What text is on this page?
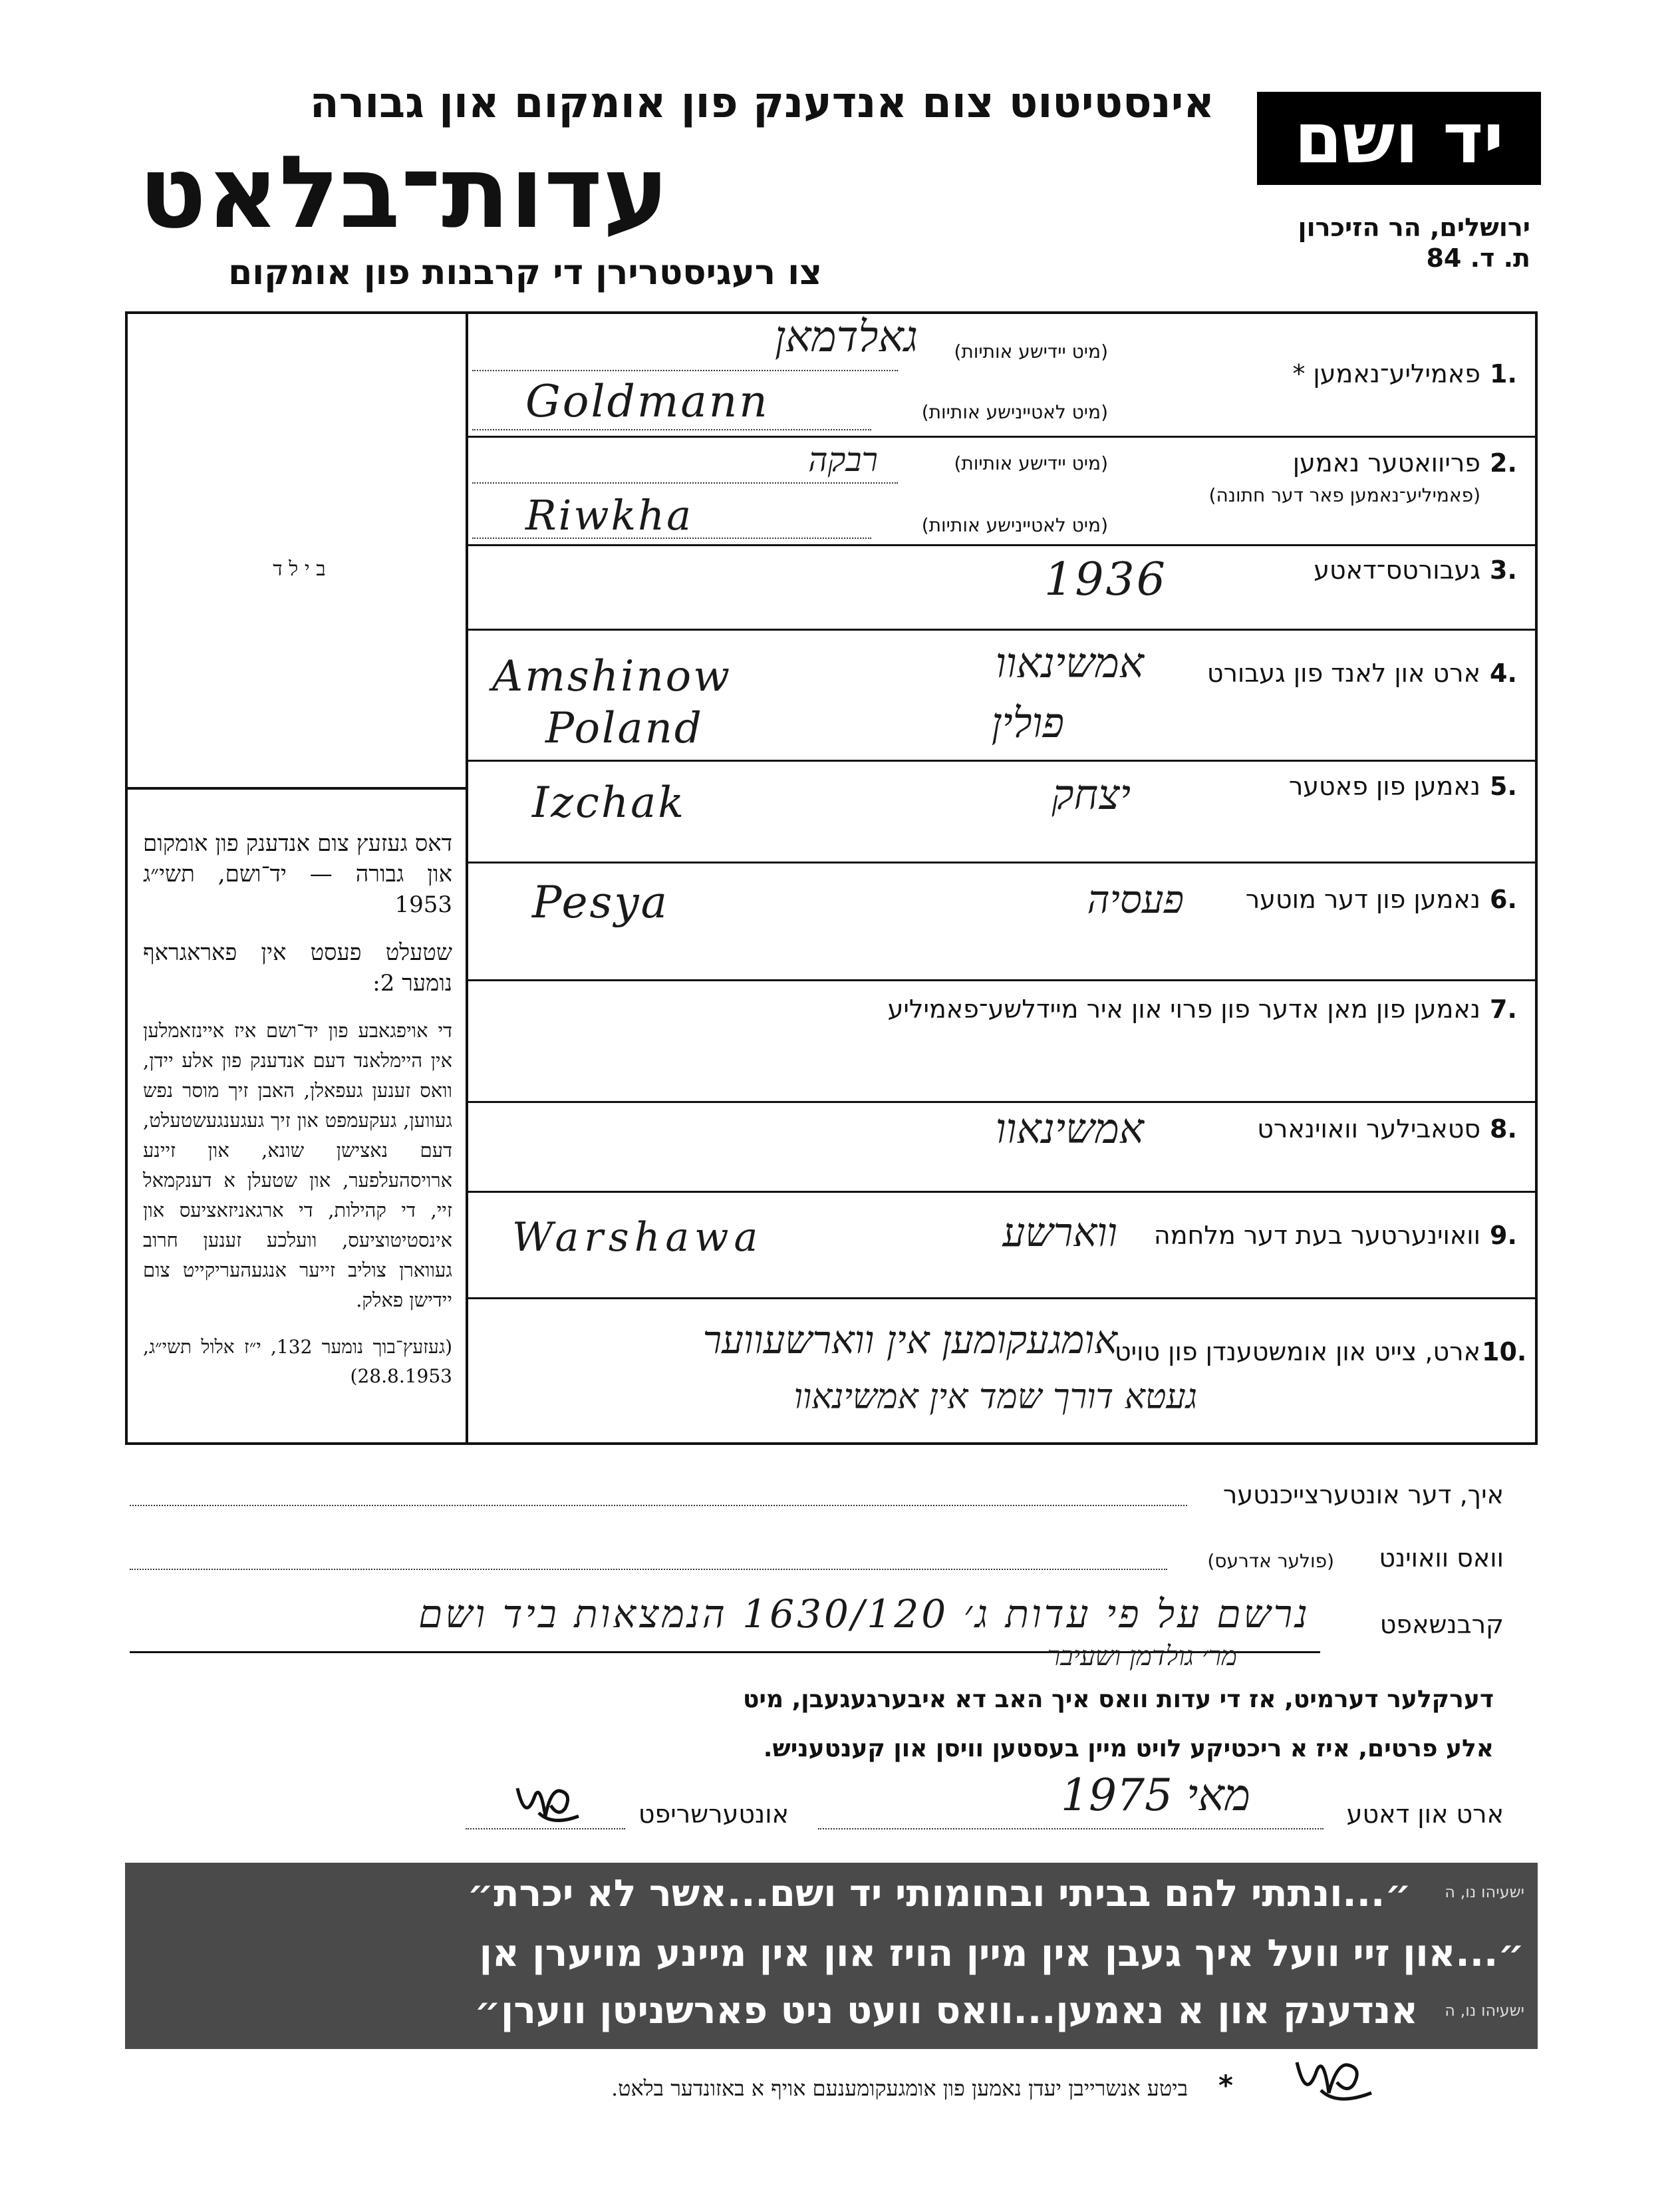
יד ושם
אינסטיטוט צום אנדענק פון אומקום און גבורה
עדות־בלאט	ירושלים, הר הזיכרון
ת. ד. 84
צו רעגיסטרירן די קרבנות פון אומקום
ב י ל ד
דאס געזעץ צום אנדענק פון אומקום און גבורה — יד־ושם, תשי״ג 1953
שטעלט פעסט אין פאראגראף נומער 2:
די אויפגאבע פון יד־ושם איז איינזאמלען אין היימלאנד דעם אנדענק פון אלע יידן, וואס זענען געפאלן, האבן זיך מוסר נפש געווען, געקעמפט און זיך געגענגעשטעלט, דעם נאצישן שונא, און זיינע ארויסהעלפער, און שטעלן א דענקמאל זיי, די קהילות, די ארגאניזאציעס און אינסטיטוציעס, וועלכע זענען חרוב געווארן צוליב זייער אנגעהעריקייט צום יידישן פאלק.
(געזעץ־בוך נומער 132, י״ז אלול תשי״ג, 28.8.1953)
1.
פאמיליע־נאמען *
(מיט יידישע אותיות)
(מיט לאטיינישע אותיות)
גאלדמאן
Goldmann
2.
פריוואטער נאמען
(פאמיליע־נאמען פאר דער חתונה)
(מיט יידישע אותיות)
(מיט לאטיינישע אותיות)
רבקה
Riwkha
3.
געבורטס־דאטע
1936
4.
ארט און לאנד פון געבורט
אמשינאוו
Amshinow
פולין
Poland
5.
נאמען פון פאטער
יצחק
Izchak
6.
נאמען פון דער מוטער
פעסיה
Pesya
7.
נאמען פון מאן אדער פון פרוי און איר מיידלשע־פאמיליע
8.
סטאבילער וואוינארט
אמשינאוו
9.
וואוינערטער בעת דער מלחמה
ווארשע
Warshawa
10.
ארט, צייט און אומשטענדן פון טויט
אומגעקומען אין ווארשעווער
געטא דורך שמד אין אמשינאוו
איך, דער אונטערצייכנטער
וואס וואוינט
(פולער אדרעס)
קרבנשאפט
נרשם על פי עדות ג׳ 1630/120 הנמצאות ביד ושם
מר׳ גולדמן ושעיבר
דערקלער דערמיט, אז די עדות וואס איך האב דא איבערגעגעבן, מיט
אלע פרטים, איז א ריכטיקע לויט מיין בעסטען וויסן און קענטעניש.
ארט און דאטע
מאי 1975
אונטערשריפט
״...ונתתי להם בביתי ובחומותי יד ושם...אשר לא יכרת״	ישעיהו נו, ה
״...און זיי וועל איך געבן אין מיין הויז און אין מיינע מויערן אן
אנדענק און א נאמען...וואס וועט ניט פארשניטן ווערן״	ישעיהו נו, ה
*
ביטע אנשרייבן יעדן נאמען פון אומגעקומענעם אויף א באזונדער בלאט.
